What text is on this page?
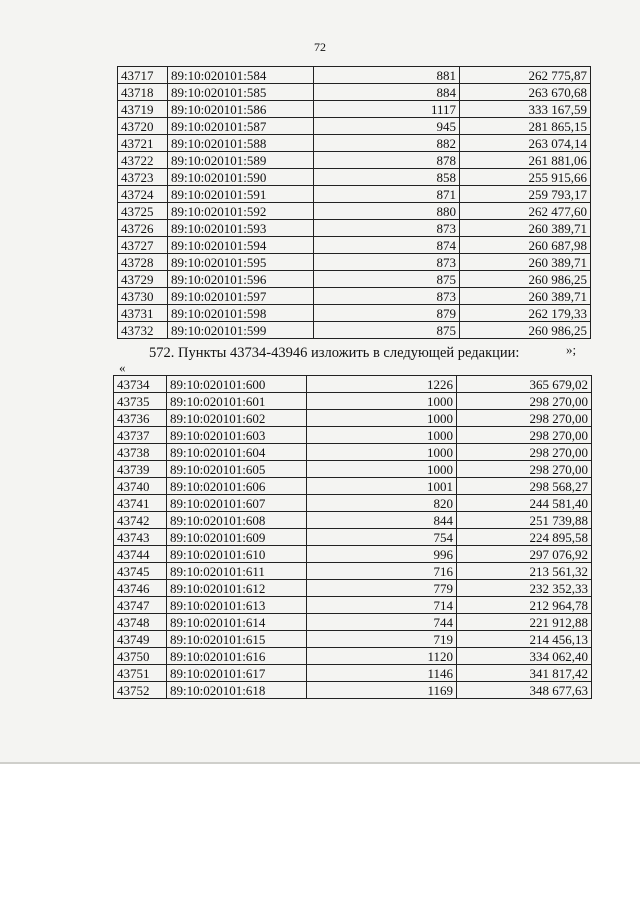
72
43717	89:10:020101:584	881	262 775,87
43718	89:10:020101:585	884	263 670,68
43719	89:10:020101:586	1117	333 167,59
43720	89:10:020101:587	945	281 865,15
43721	89:10:020101:588	882	263 074,14
43722	89:10:020101:589	878	261 881,06
43723	89:10:020101:590	858	255 915,66
43724	89:10:020101:591	871	259 793,17
43725	89:10:020101:592	880	262 477,60
43726	89:10:020101:593	873	260 389,71
43727	89:10:020101:594	874	260 687,98
43728	89:10:020101:595	873	260 389,71
43729	89:10:020101:596	875	260 986,25
43730	89:10:020101:597	873	260 389,71
43731	89:10:020101:598	879	262 179,33
43732	89:10:020101:599	875	260 986,25
»;
572. Пункты 43734-43946 изложить в следующей редакции:
«
43734	89:10:020101:600	1226	365 679,02
43735	89:10:020101:601	1000	298 270,00
43736	89:10:020101:602	1000	298 270,00
43737	89:10:020101:603	1000	298 270,00
43738	89:10:020101:604	1000	298 270,00
43739	89:10:020101:605	1000	298 270,00
43740	89:10:020101:606	1001	298 568,27
43741	89:10:020101:607	820	244 581,40
43742	89:10:020101:608	844	251 739,88
43743	89:10:020101:609	754	224 895,58
43744	89:10:020101:610	996	297 076,92
43745	89:10:020101:611	716	213 561,32
43746	89:10:020101:612	779	232 352,33
43747	89:10:020101:613	714	212 964,78
43748	89:10:020101:614	744	221 912,88
43749	89:10:020101:615	719	214 456,13
43750	89:10:020101:616	1120	334 062,40
43751	89:10:020101:617	1146	341 817,42
43752	89:10:020101:618	1169	348 677,63
